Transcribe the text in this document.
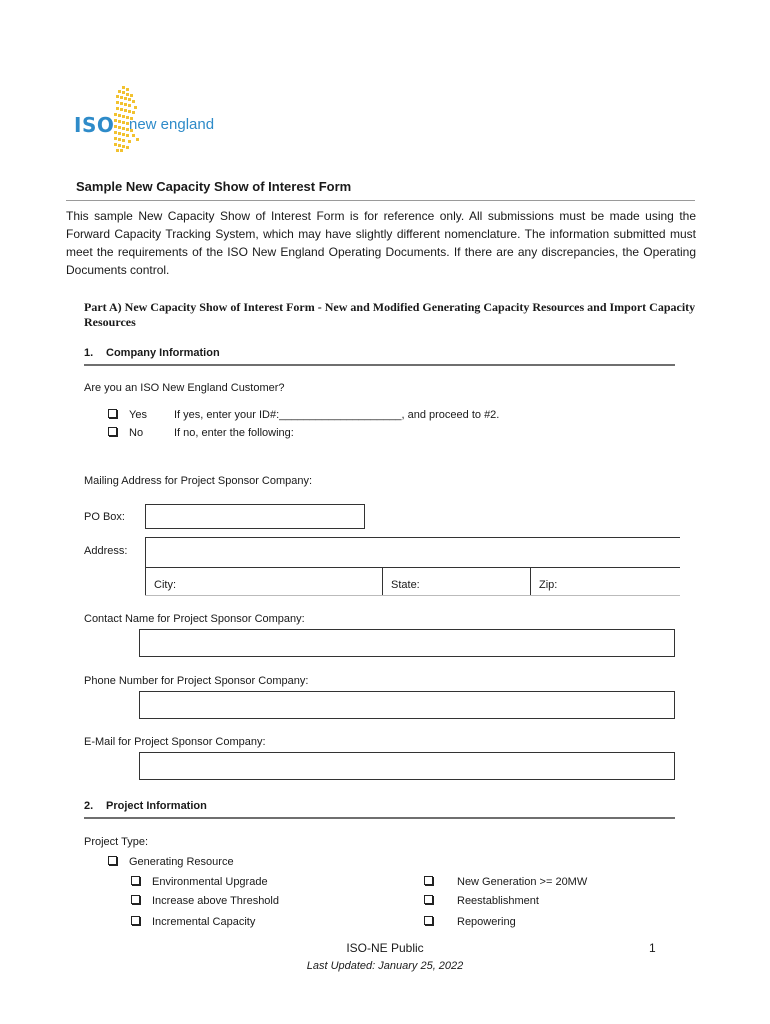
ISO new england
Sample New Capacity Show of Interest Form
This sample New Capacity Show of Interest Form is for reference only. All submissions must be made using the Forward Capacity Tracking System, which may have slightly different nomenclature. The information submitted must meet the requirements of the ISO New England Operating Documents. If there are any discrepancies, the Operating Documents control.
Part A) New Capacity Show of Interest Form - New and Modified Generating Capacity Resources and Import Capacity Resources
1. Company Information
Are you an ISO New England Customer?
Yes If yes, enter your ID#:____________________, and proceed to #2.
No	If no, enter the following:
Mailing Address for Project Sponsor Company:
PO Box:
Address:
City:	State:	Zip:
Contact Name for Project Sponsor Company:
Phone Number for Project Sponsor Company:
E-Mail for Project Sponsor Company:
2. Project Information
Project Type:
Generating Resource
Environmental Upgrade
Increase above Threshold
Incremental Capacity
New Generation >= 20MW
Reestablishment
Repowering
ISO-NE Public
Last Updated: January 25, 2022
1
